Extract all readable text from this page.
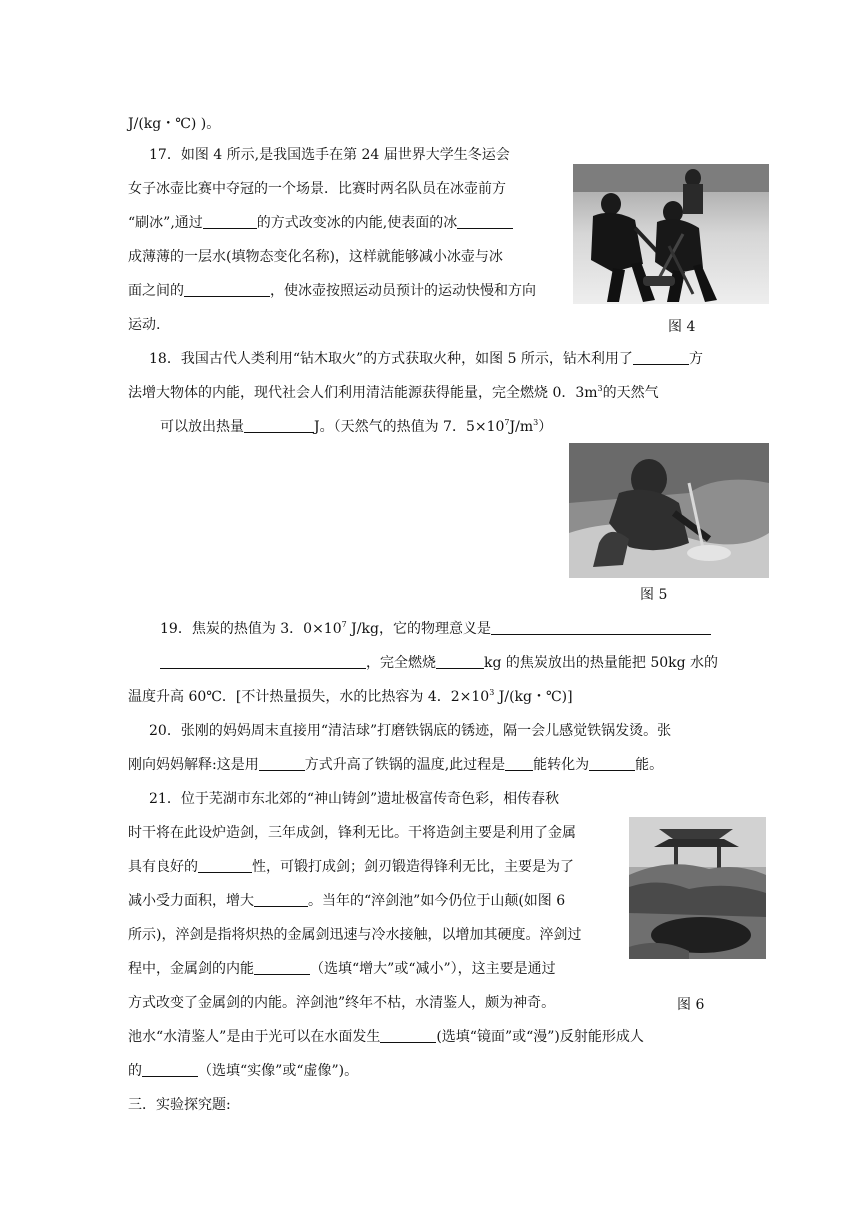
J/(kg・℃) )。
17．如图 4 所示,是我国选手在第 24 届世界大学生冬运会
女子冰壶比赛中夺冠的一个场景．比赛时两名队员在冰壶前方
“刷冰”,通过	的方式改变冰的内能,使表面的冰
成薄薄的一层水(填物态变化名称)，这样就能够减小冰壶与冰
面之间的	，使冰壶按照运动员预计的运动快慢和方向
运动.	图 4
18．我国古代人类利用“钻木取火”的方式获取火种，如图 5 所示，钻木利用了	方
法增大物体的内能，现代社会人们利用清洁能源获得能量，完全燃烧 0．$3m^3$的天然气
可以放出热量	J。（天然气的热值为 7．$5\times 10^7J/m^3$）
图 5
19．焦炭的热值为 3．$0\times 10^7$ J/kg，它的物理意义是
，完全燃烧	kg 的焦炭放出的热量能把 50kg 水的
温度升高 60℃．[不计热量损失，水的比热容为 4．$2\times 10^3$ J/(kg・℃)]
20．张刚的妈妈周末直接用“清洁球”打磨铁锅底的锈迹，隔一会儿感觉铁锅发烫。张
刚向妈妈解释:这是用	方式升高了铁锅的温度,此过程是 能转化为	能。
21．位于芜湖市东北郊的“神山铸剑”遗址极富传奇色彩，相传春秋
时干将在此设炉造剑，三年成剑，锋利无比。干将造剑主要是利用了金属
具有良好的	性，可锻打成剑；剑刃锻造得锋利无比，主要是为了
减小受力面积，增大	。当年的“淬剑池”如今仍位于山颠(如图 6
所示)，淬剑是指将炽热的金属剑迅速与冷水接触，以增加其硬度。淬剑过
程中，金属剑的内能	（选填“增大”或“减小”），这主要是通过
方式改变了金属剑的内能。淬剑池”终年不枯，水清鉴人，颇为神奇。
池水“水清鉴人”是由于光可以在水面发生	(选填“镜面”或“漫”)反射能形成人
的	（选填“实像”或“虚像”)。
图 6
三．实验探究题:
